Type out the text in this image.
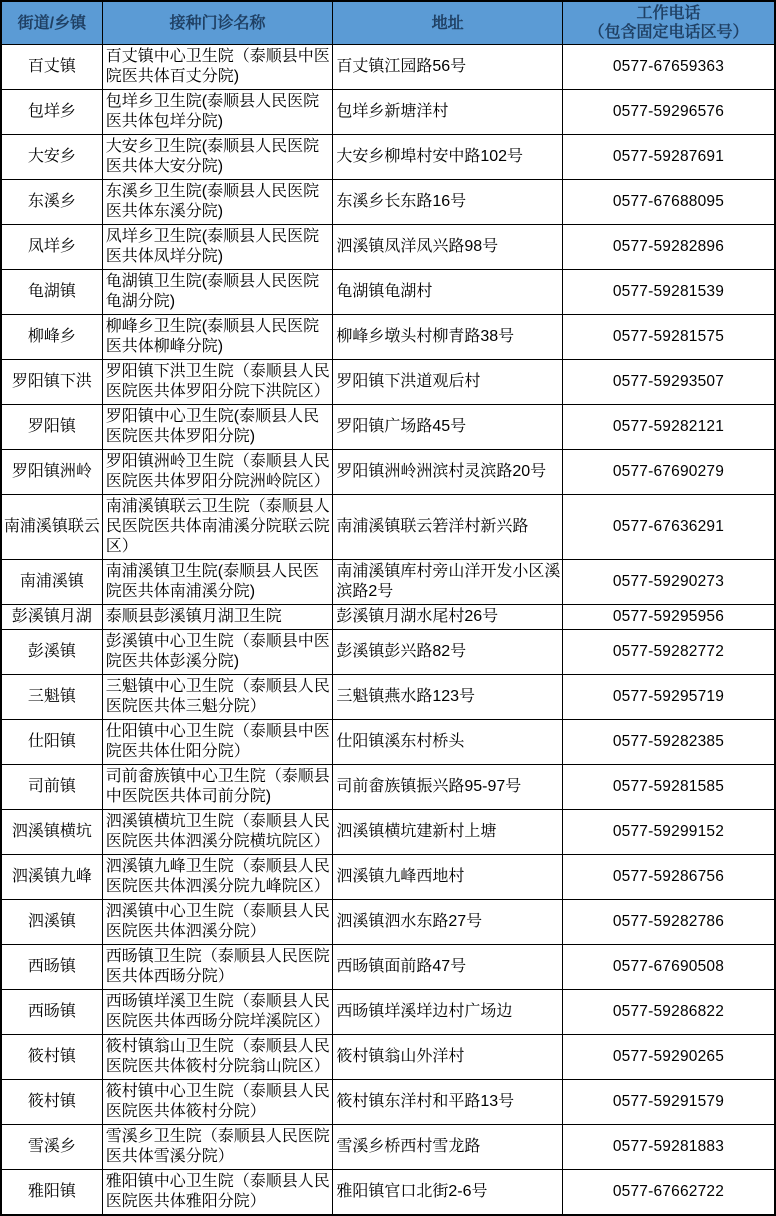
街道/乡镇	接种门诊名称	地址	工作电话
（包含固定电话区号）

百丈镇	百丈镇中心卫生院（泰顺县中医院医共体百丈分院)	百丈镇江园路56号	0577-67659363
包垟乡	包垟乡卫生院(泰顺县人民医院医共体包垟分院)	包垟乡新塘洋村	0577-59296576
大安乡	大安乡卫生院(泰顺县人民医院医共体大安分院)	大安乡柳埠村安中路102号	0577-59287691
东溪乡	东溪乡卫生院(泰顺县人民医院医共体东溪分院)	东溪乡长东路16号	0577-67688095
凤垟乡	凤垟乡卫生院(泰顺县人民医院医共体凤垟分院)	泗溪镇凤洋凤兴路98号	0577-59282896
龟湖镇	龟湖镇卫生院(泰顺县人民医院龟湖分院)	龟湖镇龟湖村	0577-59281539
柳峰乡	柳峰乡卫生院(泰顺县人民医院医共体柳峰分院)	柳峰乡墩头村柳青路38号	0577-59281575
罗阳镇下洪	罗阳镇下洪卫生院（泰顺县人民医院医共体罗阳分院下洪院区）	罗阳镇下洪道观后村	0577-59293507
罗阳镇	罗阳镇中心卫生院(泰顺县人民医院医共体罗阳分院)	罗阳镇广场路45号	0577-59282121
罗阳镇洲岭	罗阳镇洲岭卫生院（泰顺县人民医院医共体罗阳分院洲岭院区）	罗阳镇洲岭洲滨村灵滨路20号	0577-67690279
南浦溪镇联云	南浦溪镇联云卫生院（泰顺县人民医院医共体南浦溪分院联云院区）	南浦溪镇联云箬洋村新兴路	0577-67636291
南浦溪镇	南浦溪镇卫生院(泰顺县人民医院医共体南浦溪分院)	南浦溪镇库村旁山洋开发小区溪滨路2号	0577-59290273
彭溪镇月湖	泰顺县彭溪镇月湖卫生院	彭溪镇月湖水尾村26号	0577-59295956
彭溪镇	彭溪镇中心卫生院（泰顺县中医院医共体彭溪分院)	彭溪镇彭兴路82号	0577-59282772
三魁镇	三魁镇中心卫生院（泰顺县人民医院医共体三魁分院）	三魁镇燕水路123号	0577-59295719
仕阳镇	仕阳镇中心卫生院（泰顺县中医院医共体仕阳分院）	仕阳镇溪东村桥头	0577-59282385
司前镇	司前畲族镇中心卫生院（泰顺县中医院医共体司前分院)	司前畲族镇振兴路95-97号	0577-59281585
泗溪镇横坑	泗溪镇横坑卫生院（泰顺县人民医院医共体泗溪分院横坑院区）	泗溪镇横坑建新村上塘	0577-59299152
泗溪镇九峰	泗溪镇九峰卫生院（泰顺县人民医院医共体泗溪分院九峰院区）	泗溪镇九峰西地村	0577-59286756
泗溪镇	泗溪镇中心卫生院（泰顺县人民医院医共体泗溪分院）	泗溪镇泗水东路27号	0577-59282786
西旸镇	西旸镇卫生院（泰顺县人民医院医共体西旸分院）	西旸镇面前路47号	0577-67690508
西旸镇	西旸镇垟溪卫生院（泰顺县人民医院医共体西旸分院垟溪院区）	西旸镇垟溪垟边村广场边	0577-59286822
筱村镇	筱村镇翁山卫生院（泰顺县人民医院医共体筱村分院翁山院区）	筱村镇翁山外洋村	0577-59290265
筱村镇	筱村镇中心卫生院（泰顺县人民医院医共体筱村分院）	筱村镇东洋村和平路13号	0577-59291579
雪溪乡	雪溪乡卫生院（泰顺县人民医院医共体雪溪分院）	雪溪乡桥西村雪龙路	0577-59281883
雅阳镇	雅阳镇中心卫生院（泰顺县人民医院医共体雅阳分院）	雅阳镇官口北街2-6号	0577-67662722
